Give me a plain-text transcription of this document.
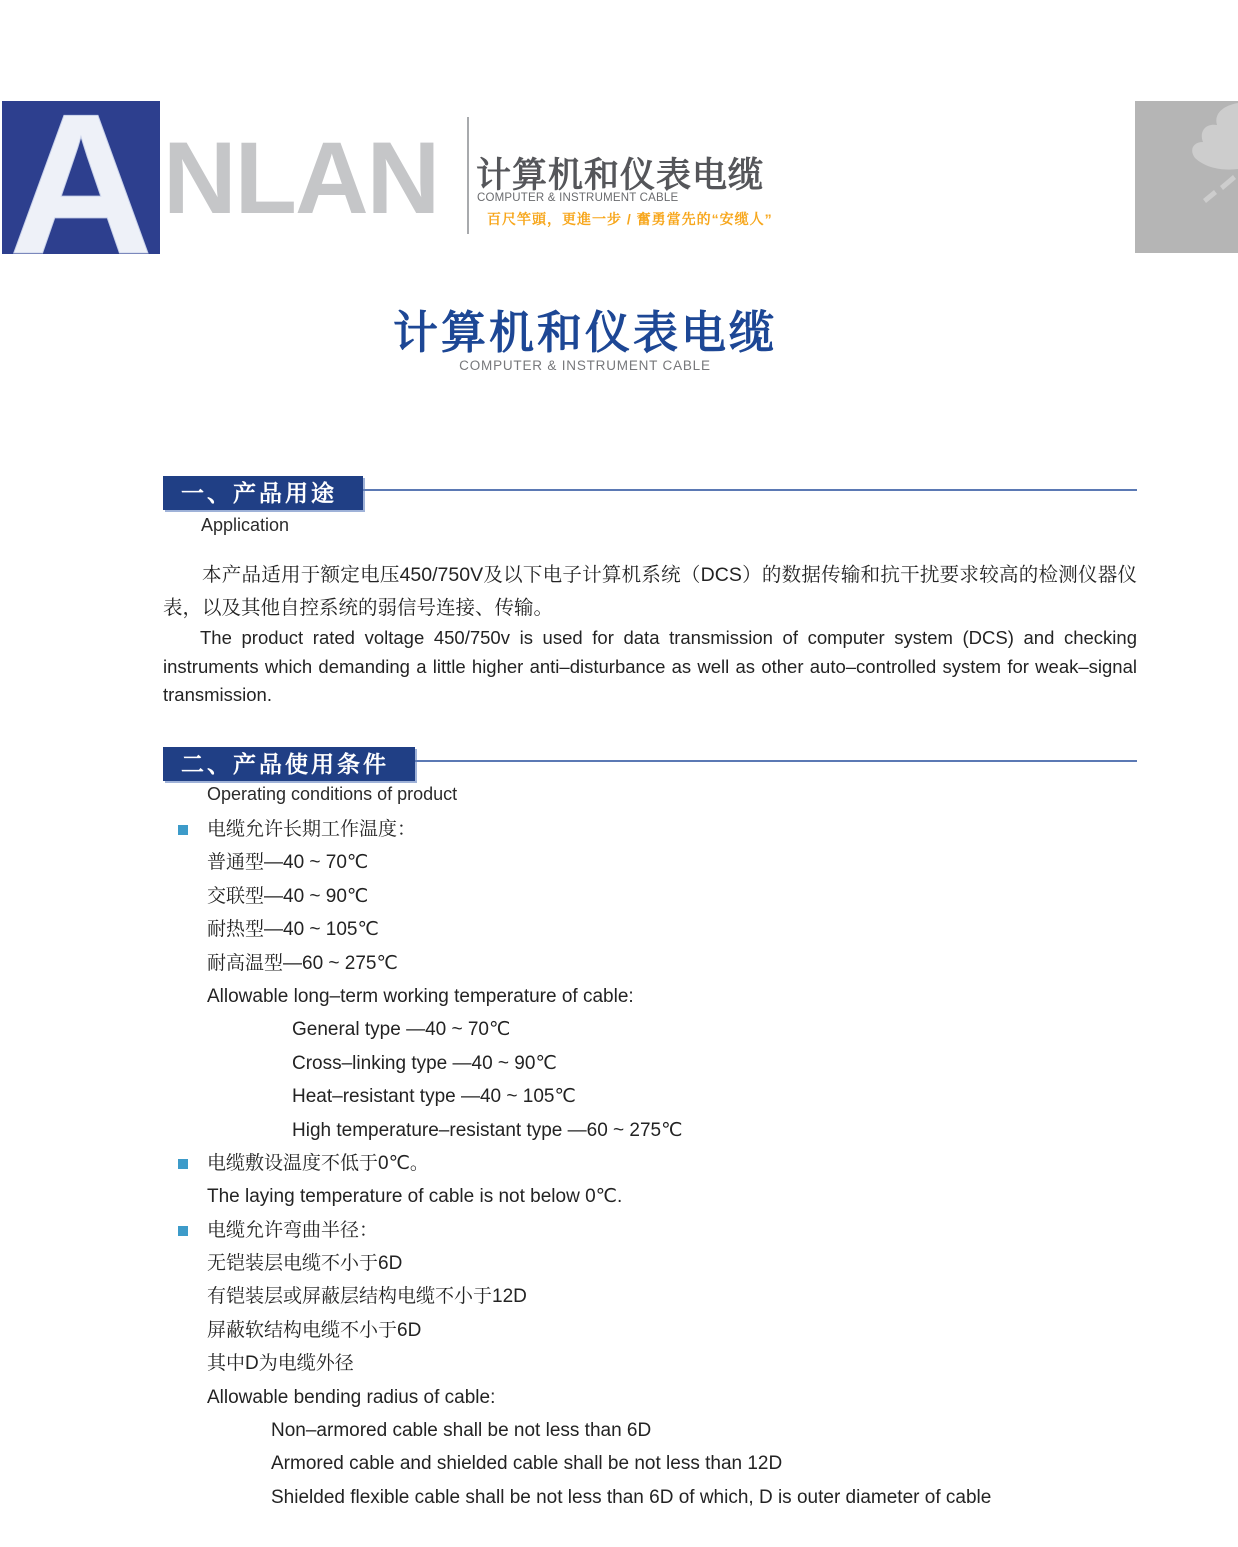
A NLAN 计算机和仪表电缆
COMPUTER & INSTRUMENT CABLE
百尺竿頭，更進一步 / 奮勇當先的“安缆人”
计算机和仪表电缆
COMPUTER & INSTRUMENT CABLE
一、产品用途
Application
本产品适用于额定电压450/750V及以下电子计算机系统（DCS）的数据传输和抗干扰要求较高的检测仪器仪表，以及其他自控系统的弱信号连接、传输。
The product rated voltage 450/750v is used for data transmission of computer system (DCS) and checking instruments which demanding a little higher anti–disturbance as well as other auto–controlled system for weak–signal transmission.
二、产品使用条件
Operating conditions of product
电缆允许长期工作温度：
普通型—40 ~ 70℃
交联型—40 ~ 90℃
耐热型—40 ~ 105℃
耐高温型—60 ~ 275℃
Allowable long–term working temperature of cable:
General type —40 ~ 70℃
Cross–linking type —40 ~ 90℃
Heat–resistant type —40 ~ 105℃
High temperature–resistant type —60 ~ 275℃
电缆敷设温度不低于0℃。
The laying temperature of cable is not below 0℃.
电缆允许弯曲半径：
无铠装层电缆不小于6D
有铠装层或屏蔽层结构电缆不小于12D
屏蔽软结构电缆不小于6D
其中D为电缆外径
Allowable bending radius of cable:
Non–armored cable shall be not less than 6D
Armored cable and shielded cable shall be not less than 12D
Shielded flexible cable shall be not less than 6D of which, D is outer diameter of cable
